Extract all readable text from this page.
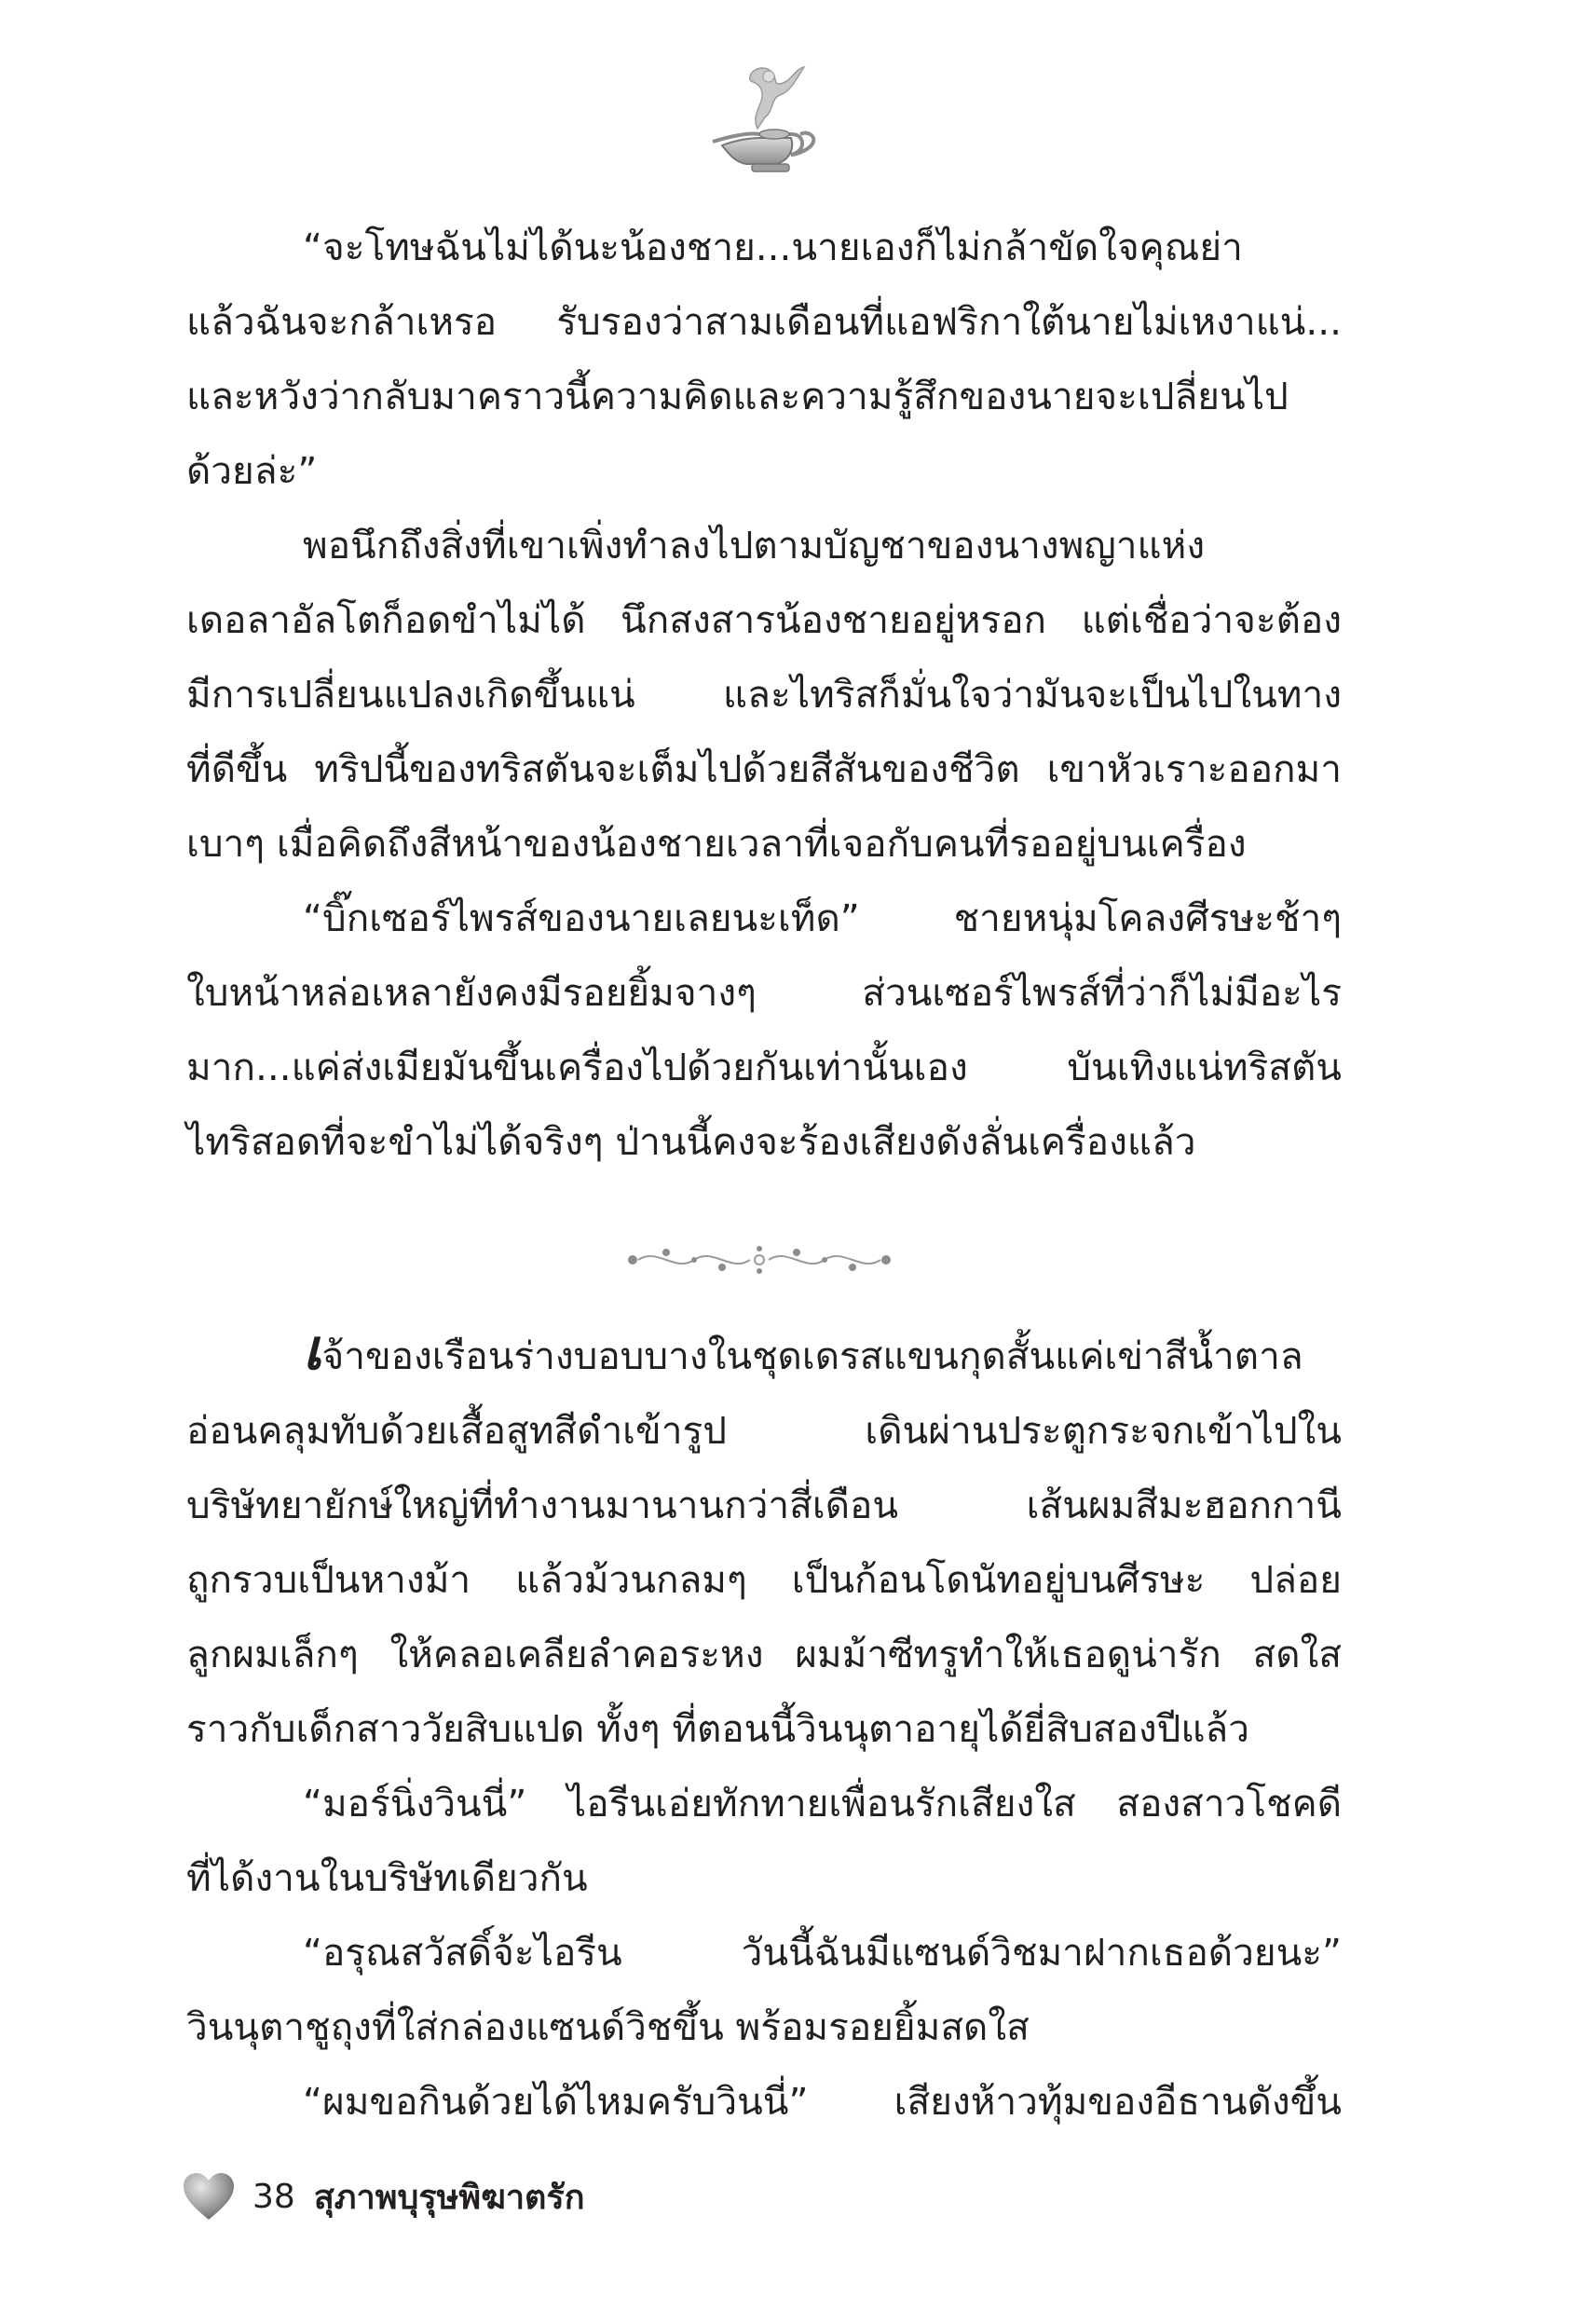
“จะโทษฉันไม่ได้นะน้องชาย...นายเองก็ไม่กล้าขัดใจคุณย่า
แล้วฉันจะกล้าเหรอ รับรองว่าสามเดือนที่แอฟริกาใต้นายไม่เหงาแน่...
และหวังว่ากลับมาคราวนี้ความคิดและความรู้สึกของนายจะเปลี่ยนไป
ด้วยล่ะ”
พอนึกถึงสิ่งที่เขาเพิ่งทำลงไปตามบัญชาของนางพญาแห่ง
เดอลาอัลโตก็อดขำไม่ได้ นึกสงสารน้องชายอยู่หรอก แต่เชื่อว่าจะต้อง
มีการเปลี่ยนแปลงเกิดขึ้นแน่ และไทริสก็มั่นใจว่ามันจะเป็นไปในทาง
ที่ดีขึ้น ทริปนี้ของทริสตันจะเต็มไปด้วยสีสันของชีวิต เขาหัวเราะออกมา
เบาๆ เมื่อคิดถึงสีหน้าของน้องชายเวลาที่เจอกับคนที่รออยู่บนเครื่อง
“บิ๊กเซอร์ไพรส์ของนายเลยนะเท็ด” ชายหนุ่มโคลงศีรษะช้าๆ
ใบหน้าหล่อเหลายังคงมีรอยยิ้มจางๆ ส่วนเซอร์ไพรส์ที่ว่าก็ไม่มีอะไร
มาก...แค่ส่งเมียมันขึ้นเครื่องไปด้วยกันเท่านั้นเอง บันเทิงแน่ทริสตัน
ไทริสอดที่จะขำไม่ได้จริงๆ ป่านนี้คงจะร้องเสียงดังลั่นเครื่องแล้ว
เจ้าของเรือนร่างบอบบางในชุดเดรสแขนกุดสั้นแค่เข่าสีน้ำตาล
อ่อนคลุมทับด้วยเสื้อสูทสีดำเข้ารูป เดินผ่านประตูกระจกเข้าไปใน
บริษัทยายักษ์ใหญ่ที่ทำงานมานานกว่าสี่เดือน เส้นผมสีมะฮอกกานี
ถูกรวบเป็นหางม้า แล้วม้วนกลมๆ เป็นก้อนโดนัทอยู่บนศีรษะ ปล่อย
ลูกผมเล็กๆ ให้คลอเคลียลำคอระหง ผมม้าซีทรูทำให้เธอดูน่ารัก สดใส
ราวกับเด็กสาววัยสิบแปด ทั้งๆ ที่ตอนนี้วินนุตาอายุได้ยี่สิบสองปีแล้ว
“มอร์นิ่งวินนี่” ไอรีนเอ่ยทักทายเพื่อนรักเสียงใส สองสาวโชคดี
ที่ได้งานในบริษัทเดียวกัน
“อรุณสวัสดิ์จ้ะไอรีน วันนี้ฉันมีแซนด์วิชมาฝากเธอด้วยนะ”
วินนุตาชูถุงที่ใส่กล่องแซนด์วิชขึ้น พร้อมรอยยิ้มสดใส
“ผมขอกินด้วยได้ไหมครับวินนี่” เสียงห้าวทุ้มของอีธานดังขึ้น
38 สุภาพบุรุษพิฆาตรัก
